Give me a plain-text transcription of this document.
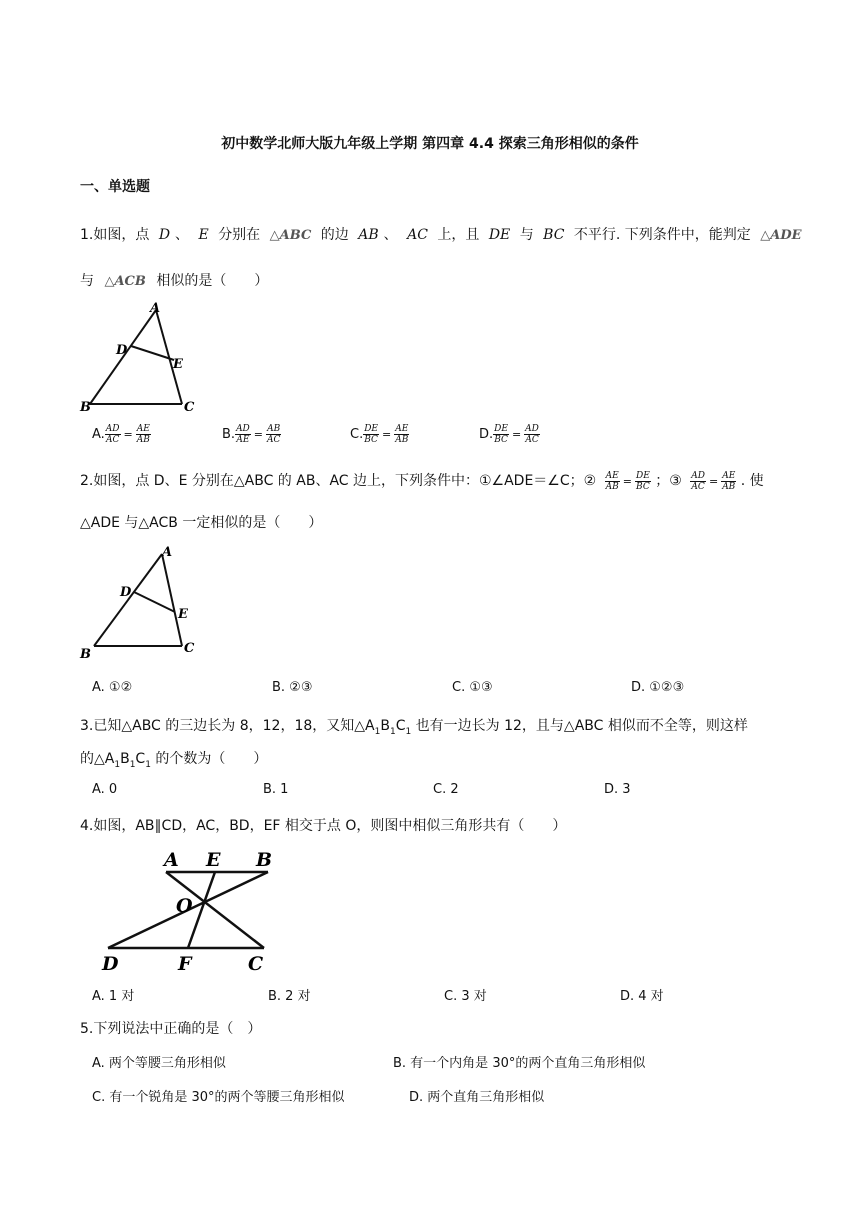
初中数学北师大版九年级上学期 第四章 4.4 探索三角形相似的条件
一、单选题
1.如图，点 D 、 E 分别在 △ABC 的边 AB 、 AC 上，且 DE 与 BC 不平行. 下列条件中，能判定 △ADE
与 △ACB 相似的是（　　）
A
B	C
D
E
A. $\frac{AD}{AC} = \frac{AE}{AB}$	B. $\frac{AD}{AE} = \frac{AB}{AC}$	C. $\frac{DE}{BC} = \frac{AE}{AB}$	D. $\frac{DE}{BC} = \frac{AD}{AC}$
2.如图，点 D、E 分别在△ABC 的 AB、AC 边上，下列条件中：①∠ADE＝∠C；② $\frac{AE}{AB} = \frac{DE}{BC}$ ；③ $\frac{AD}{AC} = \frac{AE}{AB}$ . 使
△ADE 与△ACB 一定相似的是（　　）
A
B	C
D
E
A. ①②	B. ②③	C. ①③	D. ①②③
3.已知△ABC 的三边长为 8，12，18，又知$\triangle A_1B_1C_1$ 也有一边长为 12，且与△ABC 相似而不全等，则这样
的$\triangle A_1B_1C_1$ 的个数为（　　）
A. 0	B. 1	C. 2	D. 3
4.如图，AB∥CD，AC，BD，EF 相交于点 O，则图中相似三角形共有（　　）
A E B
O
D	F	C
A. 1 对	B. 2 对	C. 3 对	D. 4 对
5.下列说法中正确的是（　）
A. 两个等腰三角形相似	B. 有一个内角是 30°的两个直角三角形相似
C. 有一个锐角是 30°的两个等腰三角形相似	D. 两个直角三角形相似
